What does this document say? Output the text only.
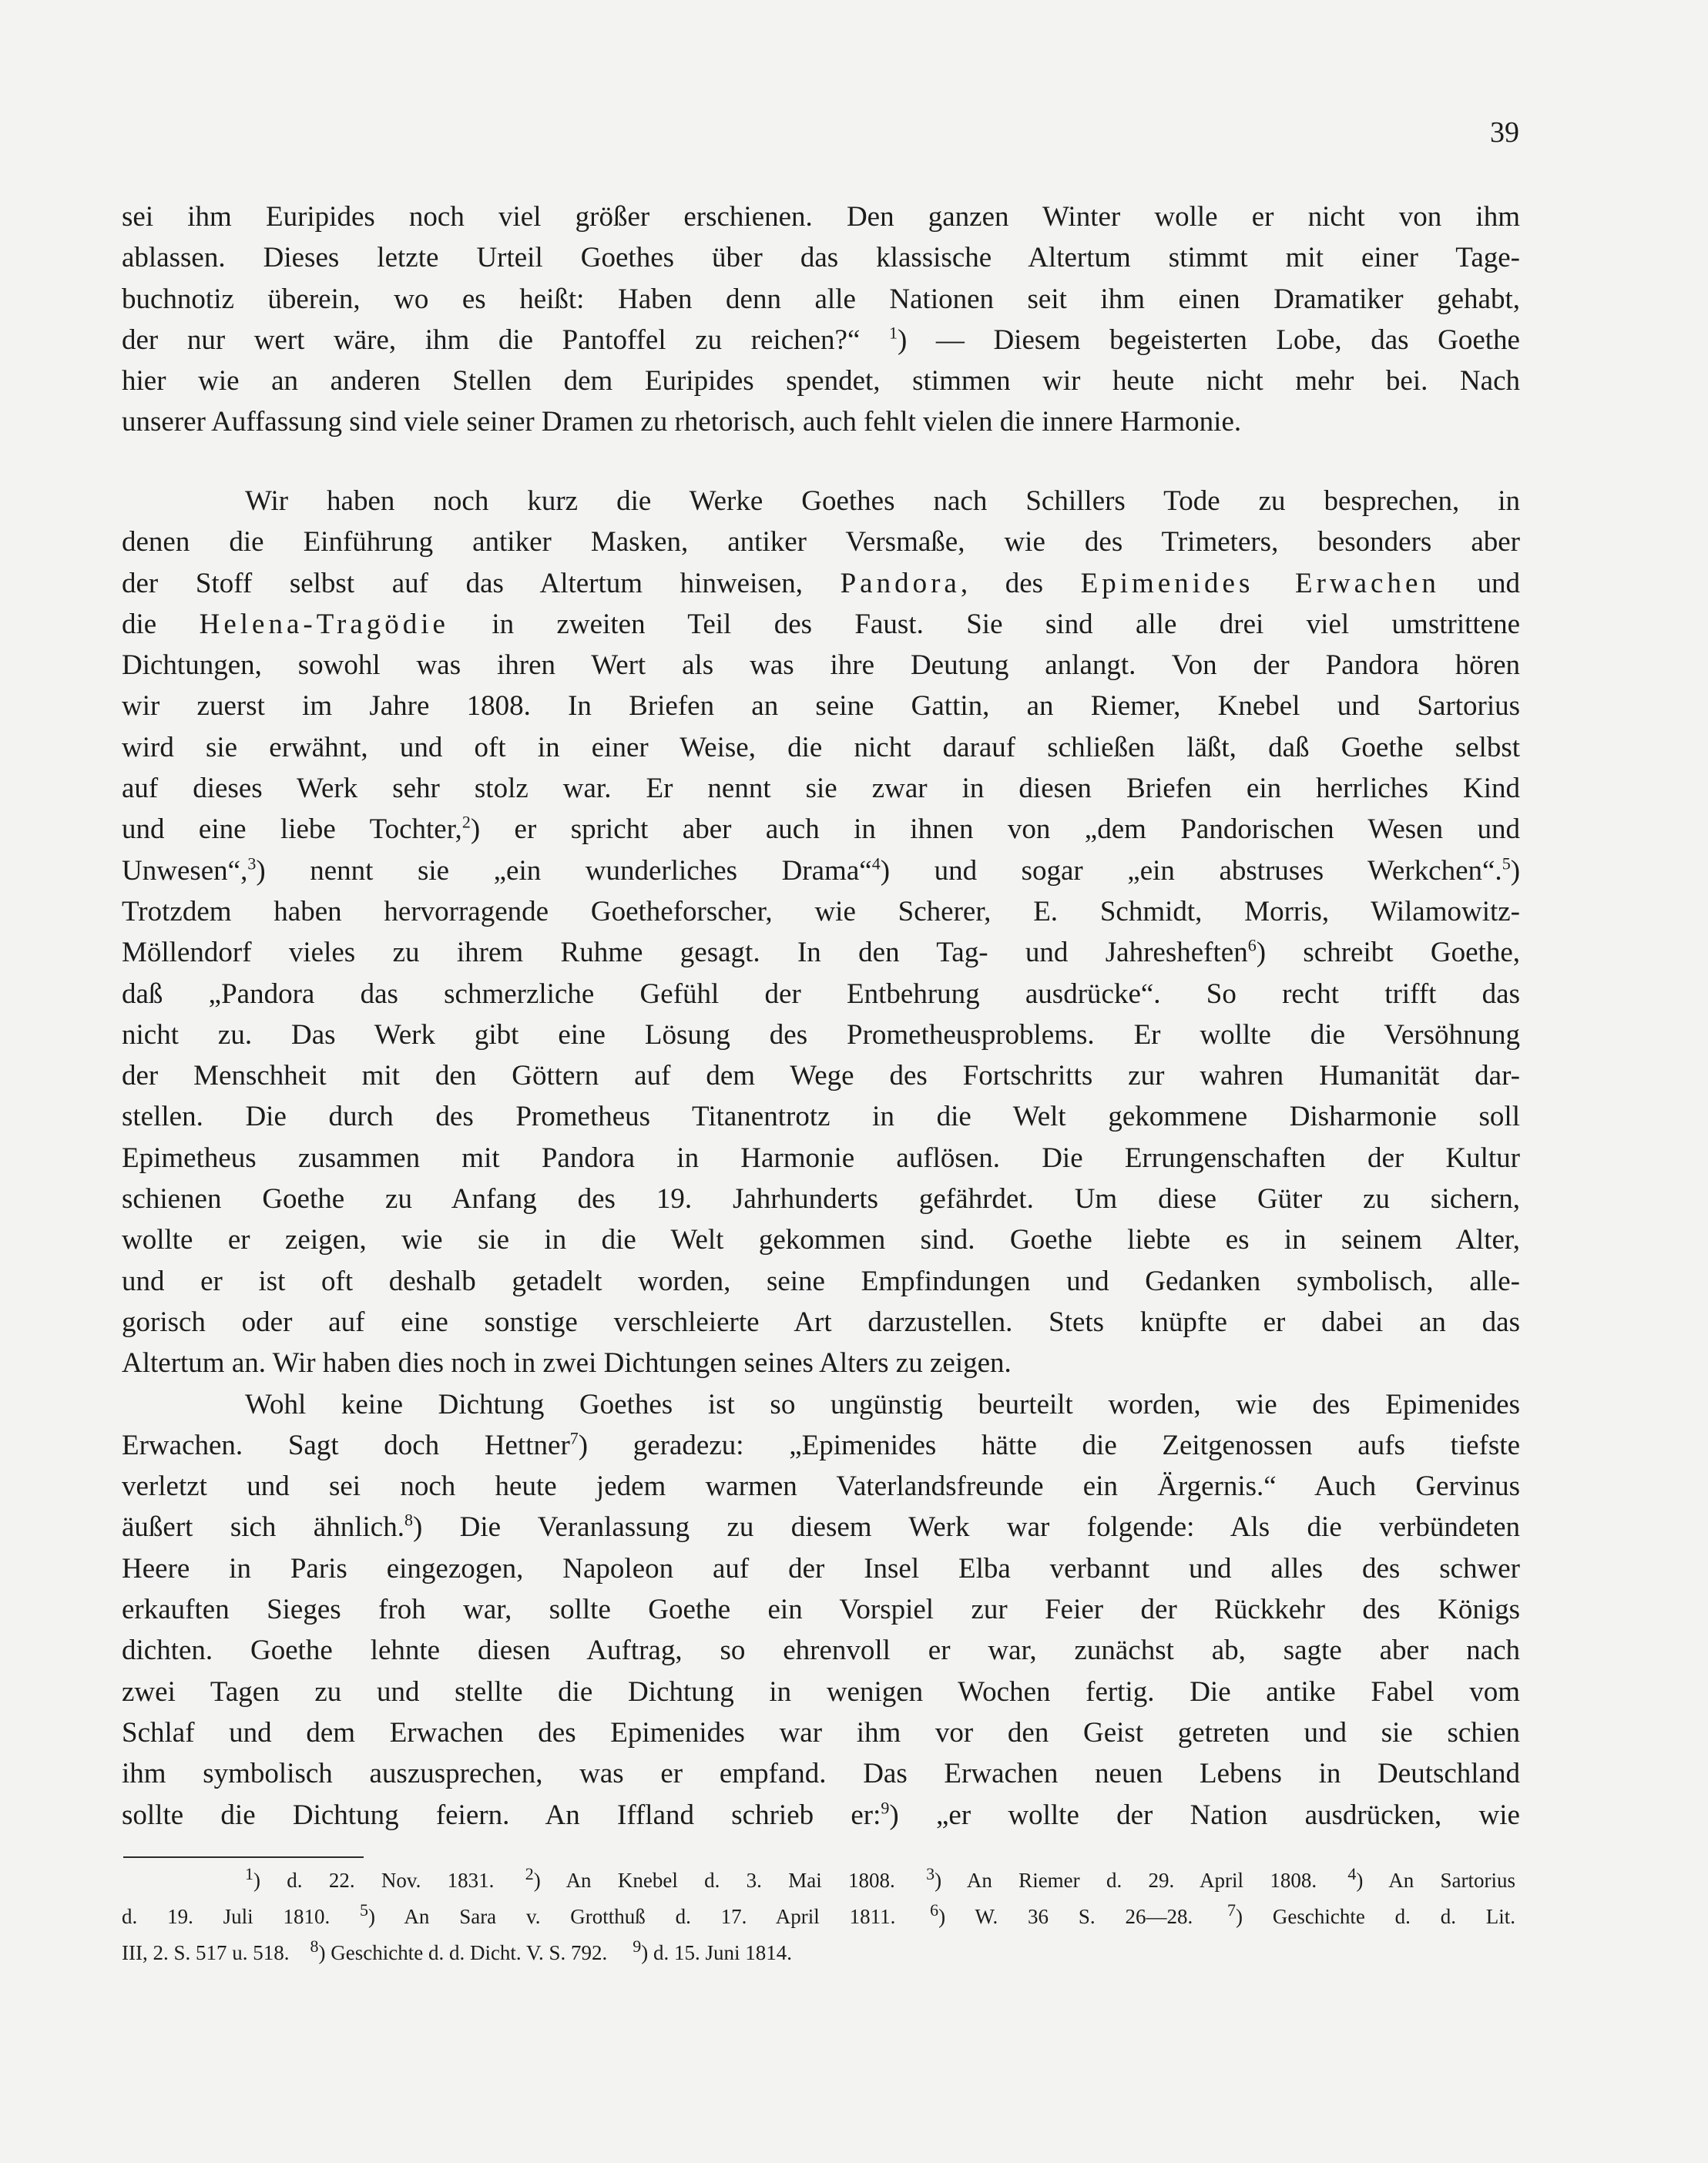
39
sei ihm Euripides noch viel größer erschienen. Den ganzen Winter wolle er nicht von ihm
ablassen. Dieses letzte Urteil Goethes über das klassische Altertum stimmt mit einer Tage-
buchnotiz überein, wo es heißt: Haben denn alle Nationen seit ihm einen Dramatiker gehabt,
der nur wert wäre, ihm die Pantoffel zu reichen?“ $^1$) — Diesem begeisterten Lobe, das Goethe
hier wie an anderen Stellen dem Euripides spendet, stimmen wir heute nicht mehr bei. Nach
unserer Auffassung sind viele seiner Dramen zu rhetorisch, auch fehlt vielen die innere Harmonie.
Wir haben noch kurz die Werke Goethes nach Schillers Tode zu besprechen, in
denen die Einführung antiker Masken, antiker Versmaße, wie des Trimeters, besonders aber
der Stoff selbst auf das Altertum hinweisen, Pandora, des Epimenides Erwachen und
die Helena-Tragödie in zweiten Teil des Faust. Sie sind alle drei viel umstrittene
Dichtungen, sowohl was ihren Wert als was ihre Deutung anlangt. Von der Pandora hören
wir zuerst im Jahre 1808. In Briefen an seine Gattin, an Riemer, Knebel und Sartorius
wird sie erwähnt, und oft in einer Weise, die nicht darauf schließen läßt, daß Goethe selbst
auf dieses Werk sehr stolz war. Er nennt sie zwar in diesen Briefen ein herrliches Kind
und eine liebe Tochter,$^2$) er spricht aber auch in ihnen von „dem Pandorischen Wesen und
Unwesen“,$^3$) nennt sie „ein wunderliches Drama“$^4$) und sogar „ein abstruses Werkchen“.$^5$)
Trotzdem haben hervorragende Goetheforscher, wie Scherer, E. Schmidt, Morris, Wilamowitz-
Möllendorf vieles zu ihrem Ruhme gesagt. In den Tag- und Jahresheften$^6$) schreibt Goethe,
daß „Pandora das schmerzliche Gefühl der Entbehrung ausdrücke“. So recht trifft das
nicht zu. Das Werk gibt eine Lösung des Prometheusproblems. Er wollte die Versöhnung
der Menschheit mit den Göttern auf dem Wege des Fortschritts zur wahren Humanität dar-
stellen. Die durch des Prometheus Titanentrotz in die Welt gekommene Disharmonie soll
Epimetheus zusammen mit Pandora in Harmonie auflösen. Die Errungenschaften der Kultur
schienen Goethe zu Anfang des 19. Jahrhunderts gefährdet. Um diese Güter zu sichern,
wollte er zeigen, wie sie in die Welt gekommen sind. Goethe liebte es in seinem Alter,
und er ist oft deshalb getadelt worden, seine Empfindungen und Gedanken symbolisch, alle-
gorisch oder auf eine sonstige verschleierte Art darzustellen. Stets knüpfte er dabei an das
Altertum an. Wir haben dies noch in zwei Dichtungen seines Alters zu zeigen.
Wohl keine Dichtung Goethes ist so ungünstig beurteilt worden, wie des Epimenides
Erwachen. Sagt doch Hettner$^7$) geradezu: „Epimenides hätte die Zeitgenossen aufs tiefste
verletzt und sei noch heute jedem warmen Vaterlandsfreunde ein Ärgernis.“ Auch Gervinus
äußert sich ähnlich.$^8$) Die Veranlassung zu diesem Werk war folgende: Als die verbündeten
Heere in Paris eingezogen, Napoleon auf der Insel Elba verbannt und alles des schwer
erkauften Sieges froh war, sollte Goethe ein Vorspiel zur Feier der Rückkehr des Königs
dichten. Goethe lehnte diesen Auftrag, so ehrenvoll er war, zunächst ab, sagte aber nach
zwei Tagen zu und stellte die Dichtung in wenigen Wochen fertig. Die antike Fabel vom
Schlaf und dem Erwachen des Epimenides war ihm vor den Geist getreten und sie schien
ihm symbolisch auszusprechen, was er empfand. Das Erwachen neuen Lebens in Deutschland
sollte die Dichtung feiern. An Iffland schrieb er:$^9$) „er wollte der Nation ausdrücken, wie
$^1$) d. 22. Nov. 1831. $^2$) An Knebel d. 3. Mai 1808. $^3$) An Riemer d. 29. April 1808. $^4$) An Sartorius
d. 19. Juli 1810. $^5$) An Sara v. Grotthuß d. 17. April 1811. $^6$) W. 36 S. 26—28. $^7$) Geschichte d. d. Lit.
III, 2. S. 517 u. 518. $^8$) Geschichte d. d. Dicht. V. S. 792. $^9$) d. 15. Juni 1814.
